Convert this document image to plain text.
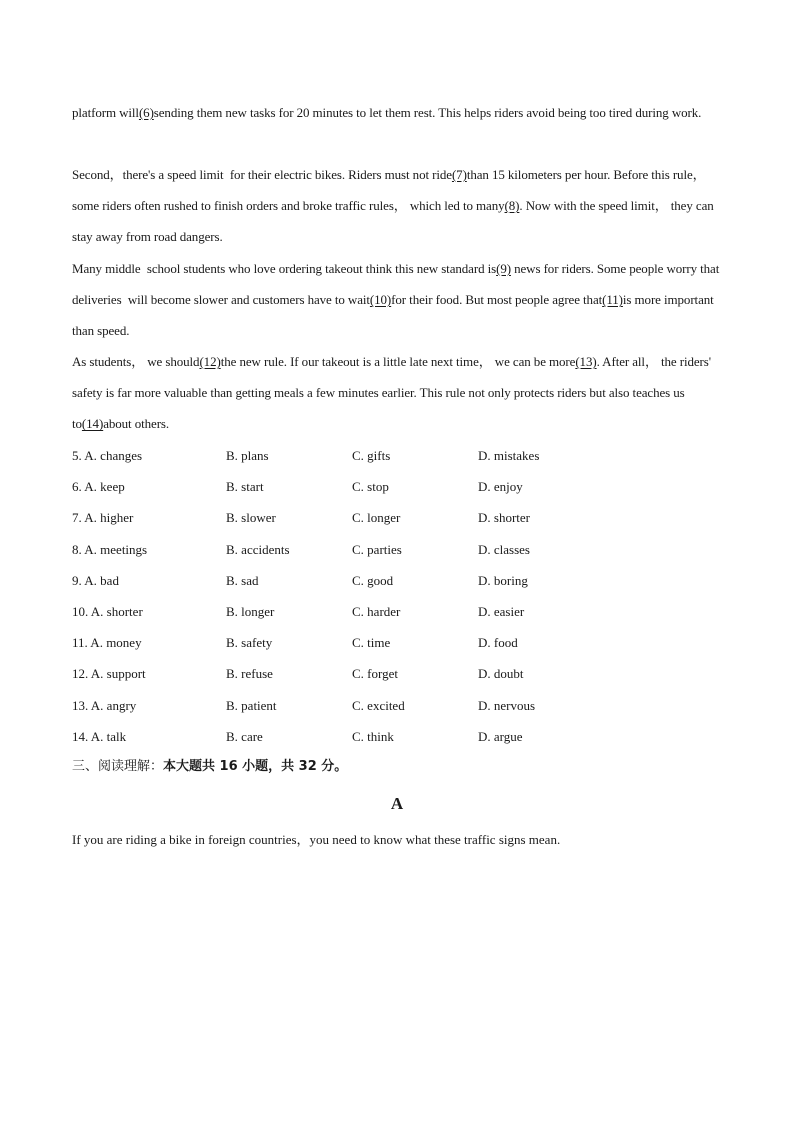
platform will(6)sending them new tasks for 20 minutes to let them rest. This helps riders avoid being too tired during work.

Second，there's a speed limit  for their electric bikes. Riders must not ride(7)than 15 kilometers per hour. Before this rule， some riders often rushed to finish orders and broke traffic rules， which led to many(8). Now with the speed limit， they can stay away from road dangers.

Many middle  school students who love ordering takeout think this new standard is(9) news for riders. Some people worry that deliveries  will become slower and customers have to wait(10)for their food. But most people agree that(11)is more important than speed.

As students， we should(12)the new rule. If our takeout is a little late next time， we can be more(13). After all， the riders' safety is far more valuable than getting meals a few minutes earlier. This rule not only protects riders but also teaches us to(14)about others.

5. A. changes	B. plans	C. gifts	D. mistakes
6. A. keep	B. start	C. stop	D. enjoy
7. A. higher	B. slower	C. longer	D. shorter
8. A. meetings	B. accidents	C. parties	D. classes
9. A. bad	B. sad	C. good	D. boring
10. A. shorter	B. longer	C. harder	D. easier
11. A. money	B. safety	C. time	D. food
12. A. support	B. refuse	C. forget	D. doubt
13. A. angry	B. patient	C. excited	D. nervous
14. A. talk	B. care	C. think	D. argue
三、阅读理解：本大题共 16 小题，共 32 分。
A
If you are riding a bike in foreign countries，you need to know what these traffic signs mean.
